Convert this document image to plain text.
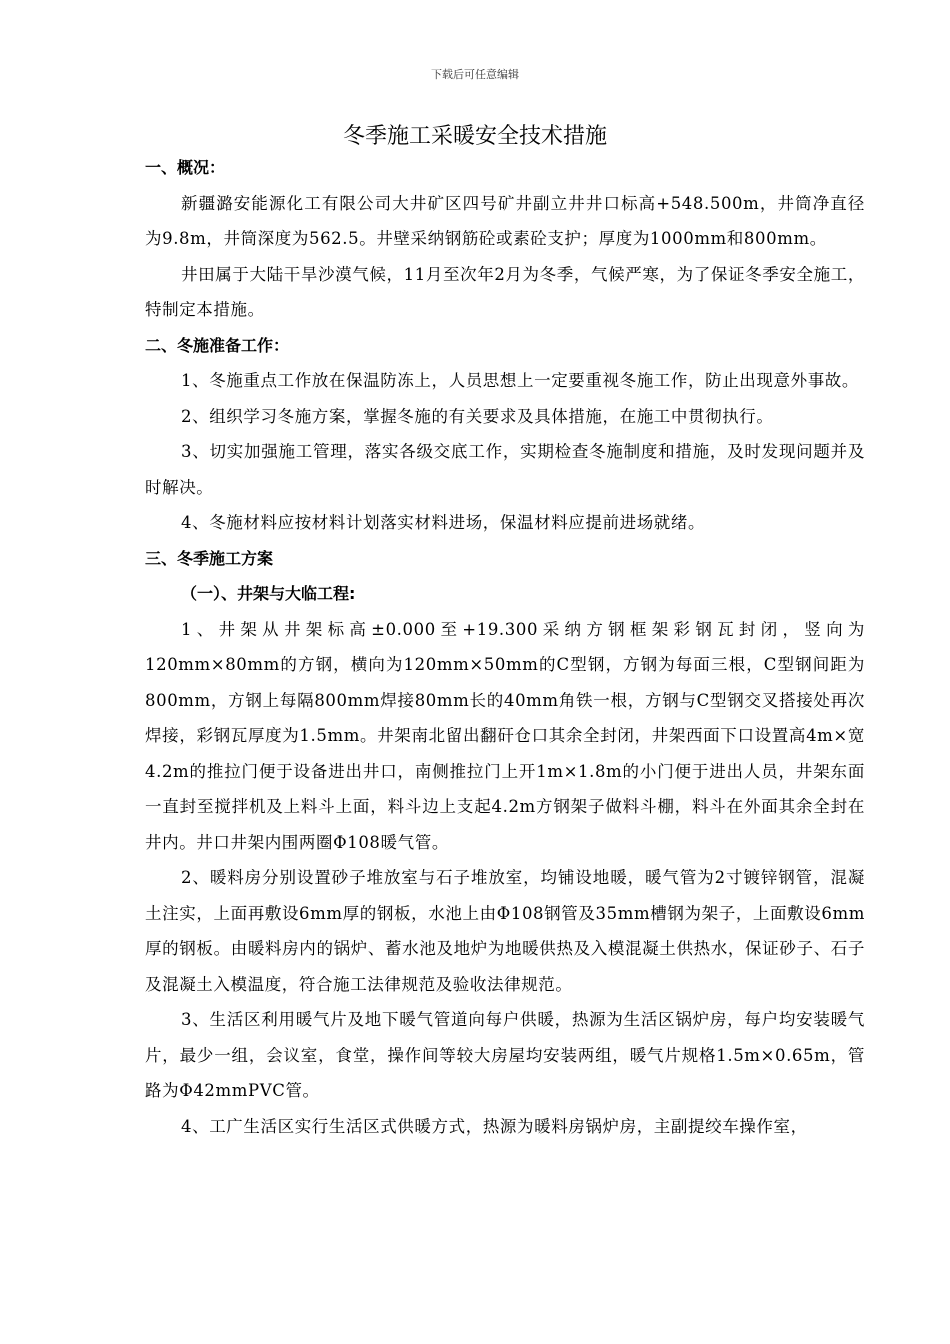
下载后可任意编辑
冬季施工采暖安全技术措施
一、概况：

新疆潞安能源化工有限公司大井矿区四号矿井副立井井口标高+548.500m，井筒净直径为9.8m，井筒深度为562.5。井壁采纳钢筋砼或素砼支护；厚度为1000mm和800mm。

井田属于大陆干旱沙漠气候，11月至次年2月为冬季，气候严寒，为了保证冬季安全施工，特制定本措施。

二、冬施准备工作：

1、冬施重点工作放在保温防冻上，人员思想上一定要重视冬施工作，防止出现意外事故。

2、组织学习冬施方案，掌握冬施的有关要求及具体措施，在施工中贯彻执行。

3、切实加强施工管理，落实各级交底工作，实期检查冬施制度和措施，及时发现问题并及时解决。

4、冬施材料应按材料计划落实材料进场，保温材料应提前进场就绪。

三、冬季施工方案
（一）、井架与大临工程:

1、井架从井架标高±0.000至+19.300采纳方钢框架彩钢瓦封闭，竖向为120mm×80mm的方钢，横向为120mm×50mm的C型钢，方钢为每面三根，C型钢间距为800mm，方钢上每隔800mm焊接80mm长的40mm角铁一根，方钢与C型钢交叉搭接处再次焊接，彩钢瓦厚度为1.5mm。井架南北留出翻矸仓口其余全封闭，井架西面下口设置高4m×宽4.2m的推拉门便于设备进出井口，南侧推拉门上开1m×1.8m的小门便于进出人员，井架东面一直封至搅拌机及上料斗上面，料斗边上支起4.2m方钢架子做料斗棚，料斗在外面其余全封在井内。井口井架内围两圈Φ108暖气管。

2、暖料房分别设置砂子堆放室与石子堆放室，均铺设地暖，暖气管为2寸镀锌钢管，混凝土注实，上面再敷设6mm厚的钢板，水池上由Φ108钢管及35mm槽钢为架子，上面敷设6mm厚的钢板。由暖料房内的锅炉、蓄水池及地炉为地暖供热及入模混凝土供热水，保证砂子、石子及混凝土入模温度，符合施工法律规范及验收法律规范。

3、生活区利用暖气片及地下暖气管道向每户供暖，热源为生活区锅炉房，每户均安装暖气片，最少一组，会议室，食堂，操作间等较大房屋均安装两组，暖气片规格1.5m×0.65m，管路为Φ42mmPVC管。

4、工广生活区实行生活区式供暖方式，热源为暖料房锅炉房，主副提绞车操作室，
